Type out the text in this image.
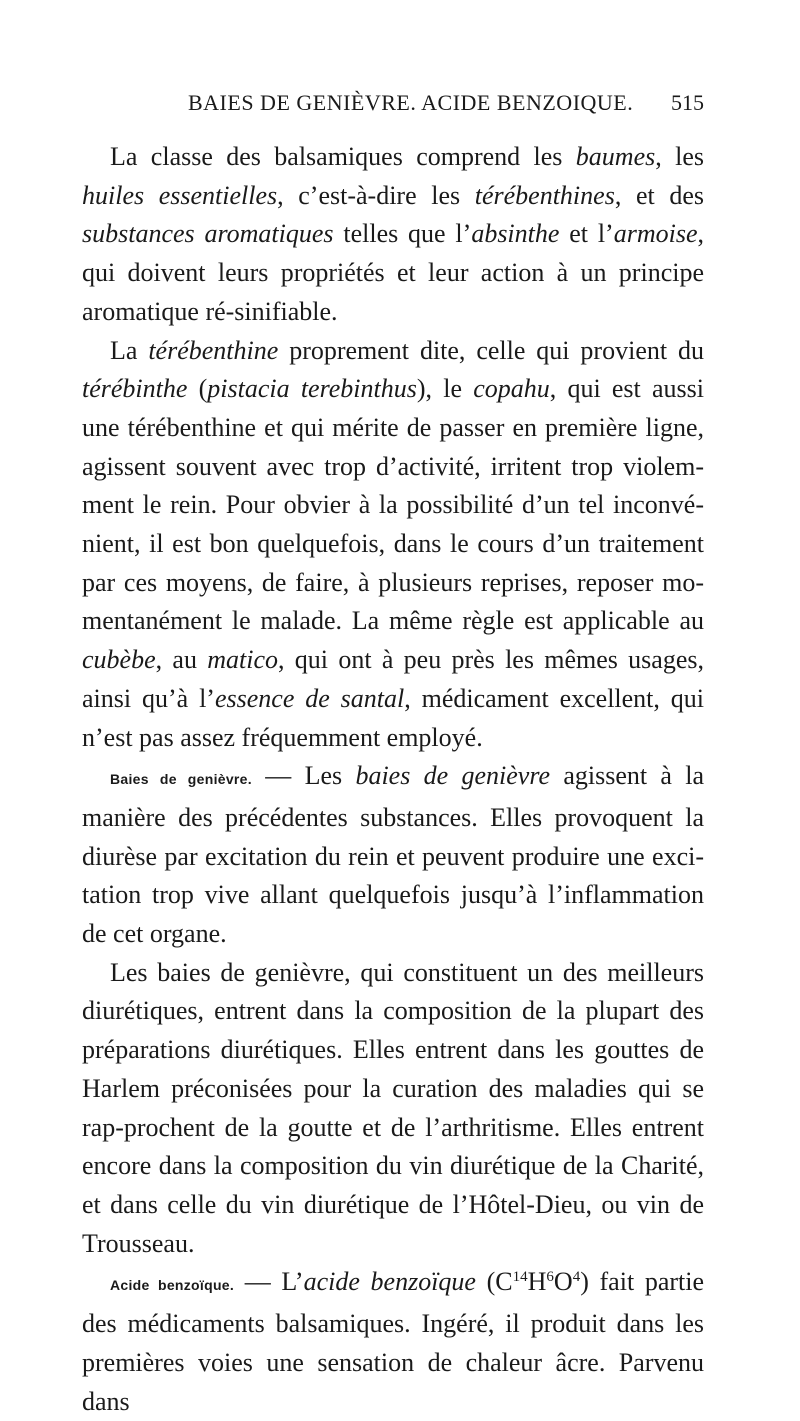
BAIES DE GENIÈVRE. ACIDE BENZOIQUE. 515

La classe des balsamiques comprend les baumes, les huiles essentielles, c’est-à-dire les térébenthines, et des substances aromatiques telles que l’absinthe et l’armoise, qui doivent leurs propriétés et leur action à un principe aromatique ré-sinifiable.

La térébenthine proprement dite, celle qui provient du térébinthe (pistacia terebinthus), le copahu, qui est aussi une térébenthine et qui mérite de passer en première ligne, agissent souvent avec trop d’activité, irritent trop violem-ment le rein. Pour obvier à la possibilité d’un tel inconvé-nient, il est bon quelquefois, dans le cours d’un traitement par ces moyens, de faire, à plusieurs reprises, reposer mo-mentanément le malade. La même règle est applicable au cubèbe, au matico, qui ont à peu près les mêmes usages, ainsi qu’à l’essence de santal, médicament excellent, qui n’est pas assez fréquemment employé.

Baies de genièvre. — Les baies de genièvre agissent à la manière des précédentes substances. Elles provoquent la diurèse par excitation du rein et peuvent produire une exci-tation trop vive allant quelquefois jusqu’à l’inflammation de cet organe.

Les baies de genièvre, qui constituent un des meilleurs diurétiques, entrent dans la composition de la plupart des préparations diurétiques. Elles entrent dans les gouttes de Harlem préconisées pour la curation des maladies qui se rap-prochent de la goutte et de l’arthritisme. Elles entrent encore dans la composition du vin diurétique de la Charité, et dans celle du vin diurétique de l’Hôtel-Dieu, ou vin de Trousseau.

Acide benzoïque. — L’acide benzoïque $(C^{14}H^6O^4)$ fait partie des médicaments balsamiques. Ingéré, il produit dans les premières voies une sensation de chaleur âcre. Parvenu dans
